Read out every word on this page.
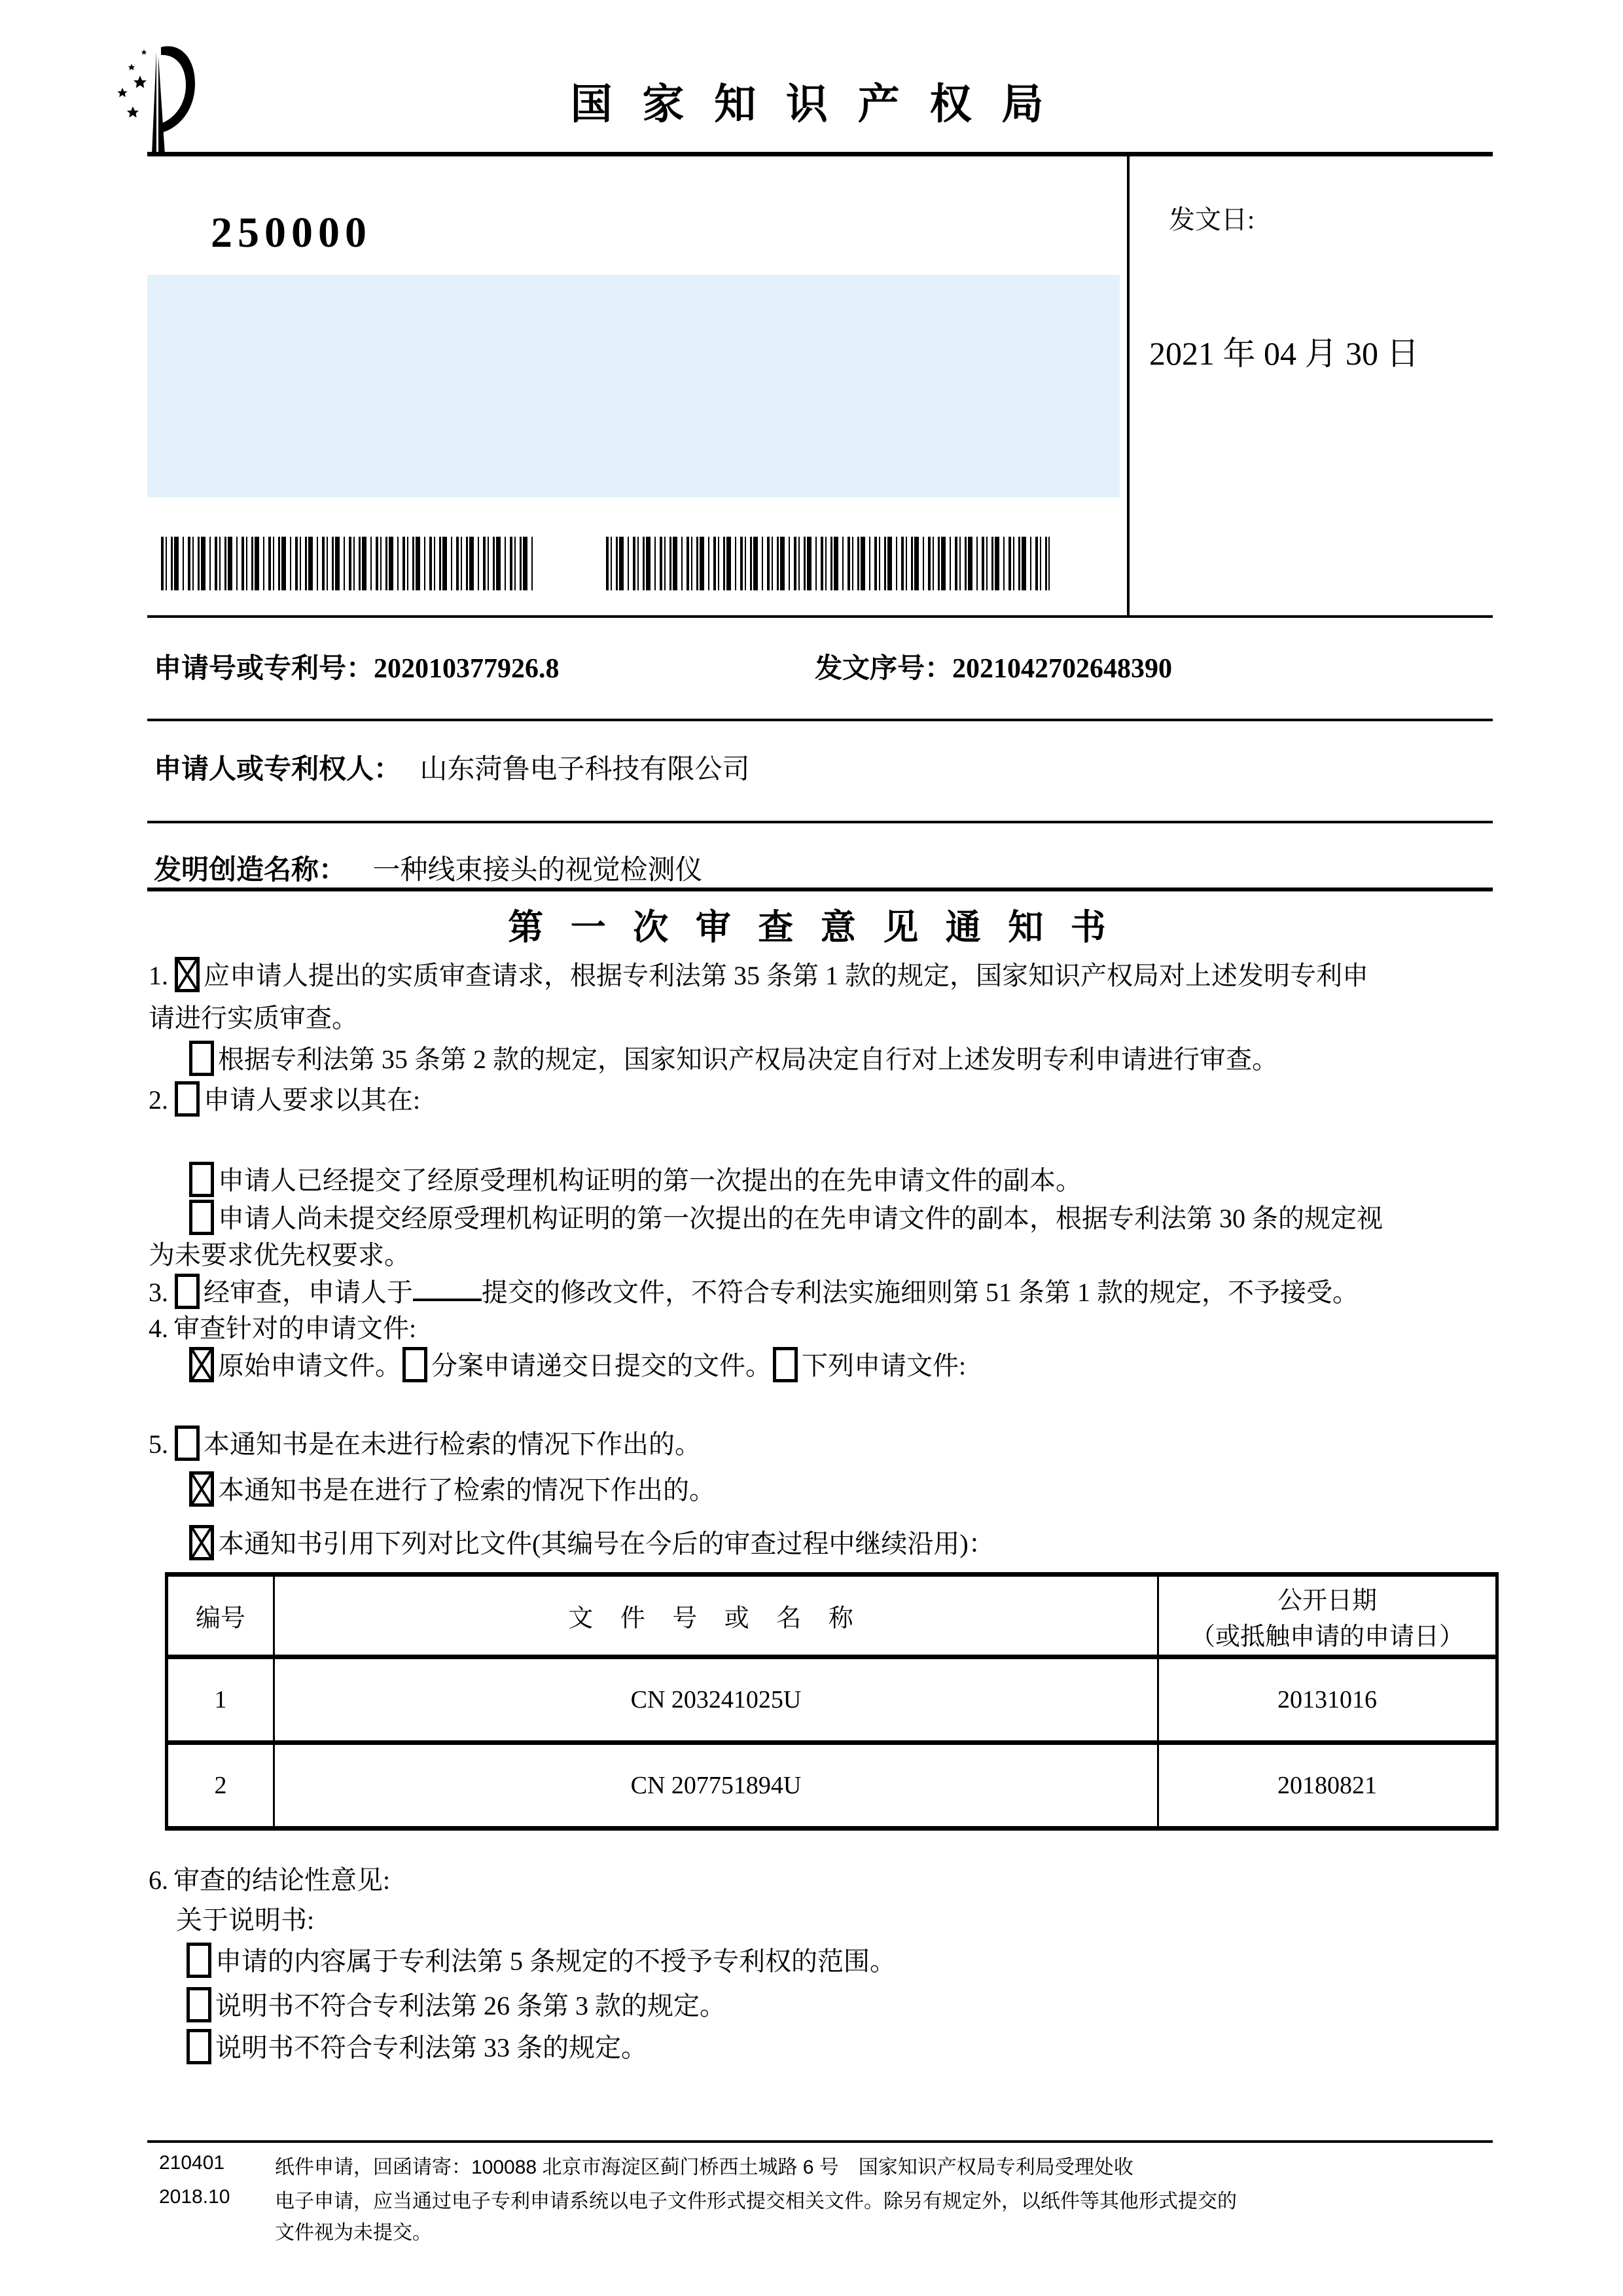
国 家 知 识 产 权 局
250000	发文日:
2021 年 04 月 30 日
申请号或专利号：202010377926.8	发文序号：2021042702648390
申请人或专利权人： 山东菏鲁电子科技有限公司
发明创造名称： 一种线束接头的视觉检测仪
第 一 次 审 查 意 见 通 知 书
1. 应申请人提出的实质审查请求，根据专利法第 35 条第 1 款的规定，国家知识产权局对上述发明专利申
请进行实质审查。
根据专利法第 35 条第 2 款的规定，国家知识产权局决定自行对上述发明专利申请进行审查。
2. 申请人要求以其在:
申请人已经提交了经原受理机构证明的第一次提出的在先申请文件的副本。
申请人尚未提交经原受理机构证明的第一次提出的在先申请文件的副本，根据专利法第 30 条的规定视
为未要求优先权要求。
3. 经审查，申请人于	提交的修改文件，不符合专利法实施细则第 51 条第 1 款的规定，不予接受。
4. 审查针对的申请文件:
原始申请文件。 分案申请递交日提交的文件。 下列申请文件:
5. 本通知书是在未进行检索的情况下作出的。
本通知书是在进行了检索的情况下作出的。
本通知书引用下列对比文件(其编号在今后的审查过程中继续沿用)：
编号	文 件 号 或 名 称	公开日期
（或抵触申请的申请日）

1	CN 203241025U	20131016
2	CN 207751894U	20180821
6. 审查的结论性意见:
关于说明书:
申请的内容属于专利法第 5 条规定的不授予专利权的范围。
说明书不符合专利法第 26 条第 3 款的规定。
说明书不符合专利法第 33 条的规定。
210401
2018.10
纸件申请，回函请寄：100088 北京市海淀区蓟门桥西土城路 6 号　国家知识产权局专利局受理处收
电子申请，应当通过电子专利申请系统以电子文件形式提交相关文件。除另有规定外，以纸件等其他形式提交的
文件视为未提交。
